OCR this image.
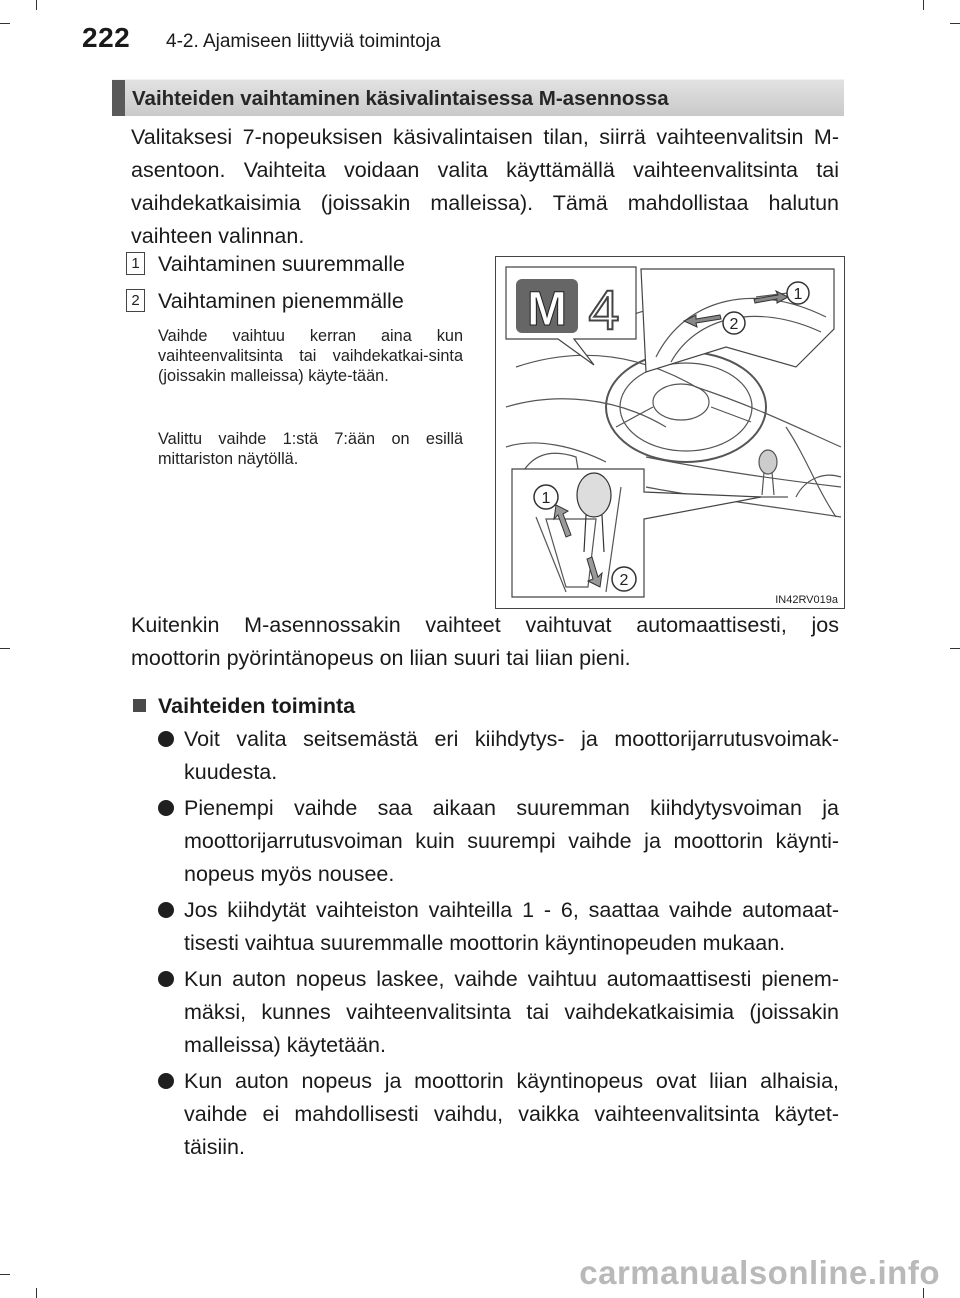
222 4-2. Ajamiseen liittyviä toimintoja
Vaihteiden vaihtaminen käsivalintaisessa M-asennossa

Valitaksesi 7-nopeuksisen käsivalintaisen tilan, siirrä vaihteenvalitsin M-asentoon. Vaihteita voidaan valita käyttämällä vaihteenvalitsinta tai vaihdekatkaisimia (joissakin malleissa). Tämä mahdollistaa halutun vaihteen valinnan.

1 Vaihtaminen suuremmalle
2 Vaihtaminen pienemmälle

Vaihde vaihtuu kerran aina kun vaihteenvalitsinta tai vaihdekatkai-sinta (joissakin malleissa) käyte-tään.

Valittu vaihde 1:stä 7:ään on esillä mittariston näytöllä.

M 4	1
2
1
2
IN42RV019a

Kuitenkin M-asennossakin vaihteet vaihtuvat automaattisesti, jos moottorin pyörintänopeus on liian suuri tai liian pieni.

Vaihteiden toiminta
Voit valita seitsemästä eri kiihdytys- ja moottorijarrutusvoimak-kuudesta.
Pienempi vaihde saa aikaan suuremman kiihdytysvoiman ja moottorijarrutusvoiman kuin suurempi vaihde ja moottorin käynti-nopeus myös nousee.
Jos kiihdytät vaihteiston vaihteilla 1 - 6, saattaa vaihde automaat-tisesti vaihtua suuremmalle moottorin käyntinopeuden mukaan.
Kun auton nopeus laskee, vaihde vaihtuu automaattisesti pienem-mäksi, kunnes vaihteenvalitsinta tai vaihdekatkaisimia (joissakin malleissa) käytetään.
Kun auton nopeus ja moottorin käyntinopeus ovat liian alhaisia, vaihde ei mahdollisesti vaihdu, vaikka vaihteenvalitsinta käytet-täisiin.
carmanualsonline.info
